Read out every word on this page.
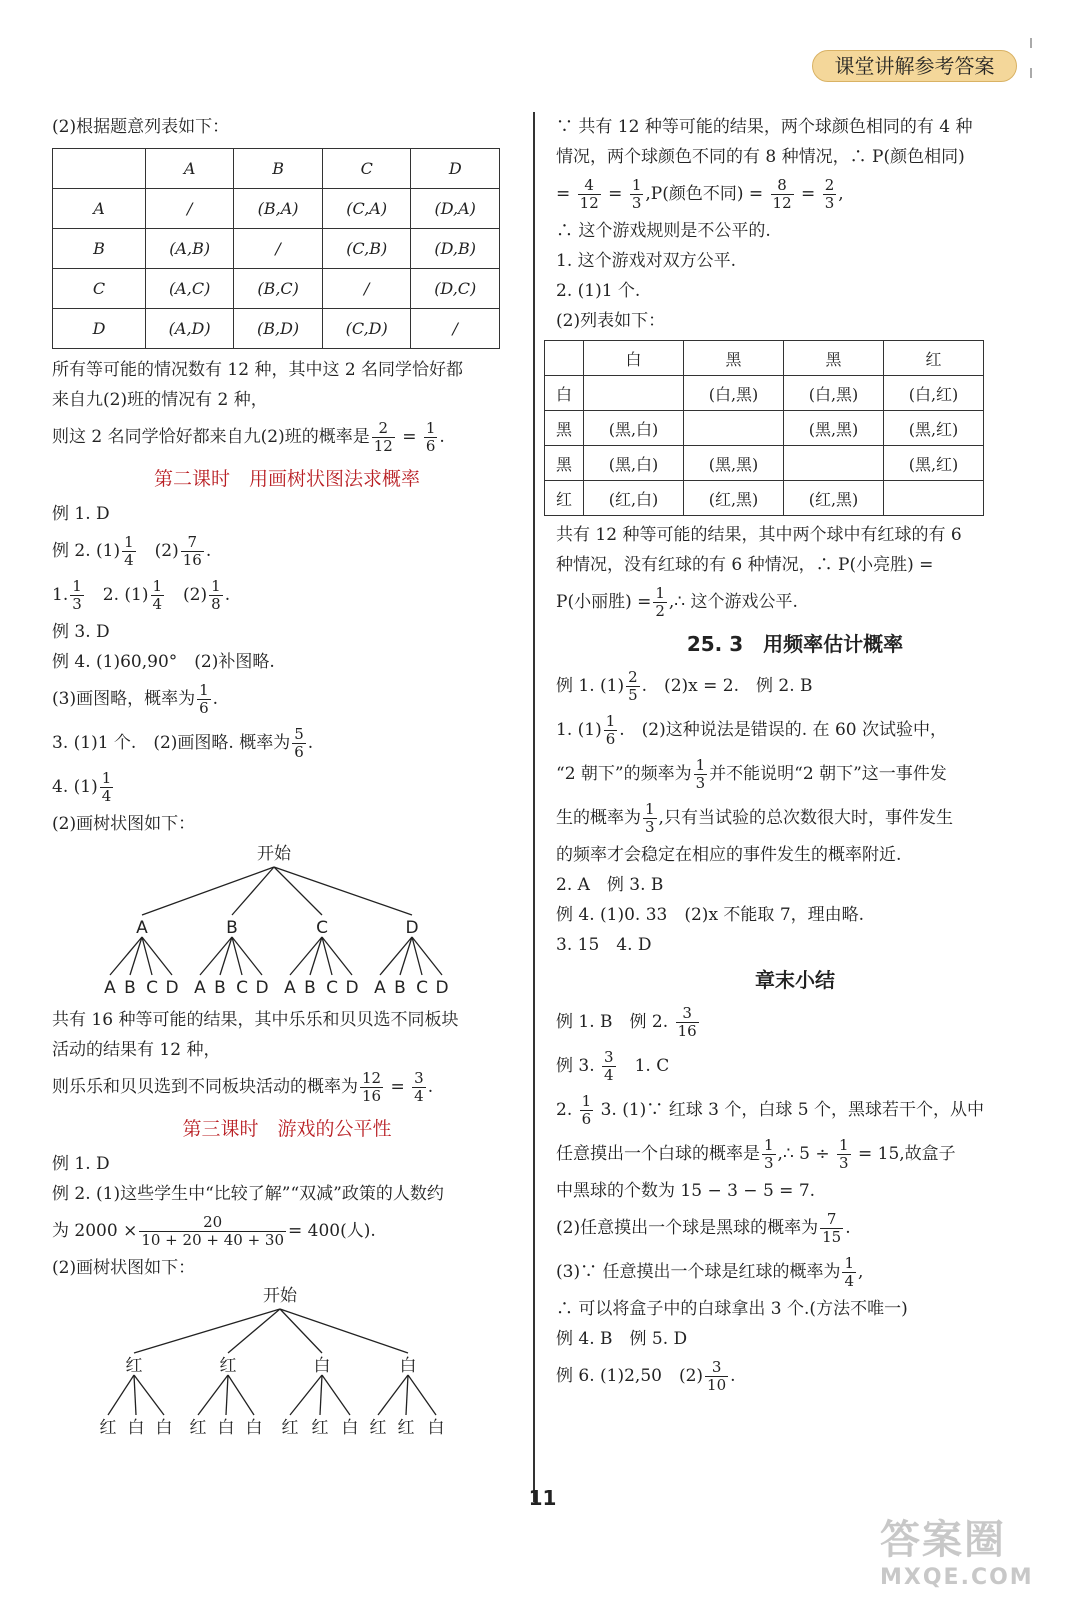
课堂讲解参考答案
(2)根据题意列表如下：
	A	B	C	D
A	/	(B,A)	(C,A)	(D,A)
B	(A,B)	/	(C,B)	(D,B)
C	(A,C)	(B,C)	/	(D,C)
D	(A,D)	(B,D)	(C,D)	/
所有等可能的情况数有 12 种，其中这 2 名同学恰好都
来自九(2)班的情况有 2 种，
则这 2 名同学恰好都来自九(2)班的概率是 $\frac{2}{12} = \frac{1}{6}$ .
第二课时　用画树状图法求概率
例 1. D
例 2. $(1) \frac{1}{4}$
　 $(2) \frac{7}{16}$ .
1. $\frac{1}{3}$
　 2. $(1) \frac{1}{4}$
　 $(2) \frac{1}{8}$ .
例 3. D
例 4. (1)60,90°　(2)补图略.
(3)画图略，概率为 $\frac{1}{6}$ .
3. (1)1 个.　(2)画图略. 概率为 $\frac{5}{6}$ .
4. $(1) \frac{1}{4}$
(2)画树状图如下：
开始
A	B	C	D
A B C D A B C D A B C D A B C D
共有 16 种等可能的结果，其中乐乐和贝贝选不同板块
活动的结果有 12 种，
则乐乐和贝贝选到不同板块活动的概率为 $\frac{12}{16} = \frac{3}{4}$ .
第三课时　游戏的公平性
例 1. D
例 2. (1)这些学生中“比较了解”“双减”政策的人数约
为 $2000 \times \frac{20}{10 + 20 + 40 + 30} = 400$(人).
(2)画树状图如下：
开始
红	红	白	白
红 白 白 红 白 白 红 红 白 红 红 白
∵ 共有 12 种等可能的结果，两个球颜色相同的有 4 种
情况，两个球颜色不同的有 8 种情况，∴ P(颜色相同)
= $\frac{4}{12} = \frac{1}{3} ,P$(颜色不同) = $\frac{8}{12} = \frac{2}{3}$ ,
∴ 这个游戏规则是不公平的.
1. 这个游戏对双方公平.
2. (1)1 个.
(2)列表如下：
	白	黑	黑	红
白		(白,黑)	(白,黑)	(白,红)
黑	(黑,白)		(黑,黑)	(黑,红)
黑	(黑,白)	(黑,黑)		(黑,红)
红	(红,白)	(红,黑)	(红,黑)	
共有 12 种等可能的结果，其中两个球中有红球的有 6
种情况，没有红球的有 6 种情况，∴ P(小亮胜) =
P(小丽胜) = $\frac{1}{2}$ ,∴ 这个游戏公平.
25. 3　用频率估计概率
例 1. $(1) \frac{2}{5}$ .　(2)x = 2.　例 2. B
1. $(1) \frac{1}{6}$ .　(2)这种说法是错误的. 在 60 次试验中，
“2 朝下”的频率为 $\frac{1}{3}$ 并不能说明“2 朝下”这一事件发
生的概率为 $\frac{1}{3}$ ,只有当试验的总次数很大时，事件发生
的频率才会稳定在相应的事件发生的概率附近.
2. A　例 3. B
例 4. (1)0. 33　(2)x 不能取 7，理由略.
3. 15　4. D
章末小结
例 1. B　例 2. $\frac{3}{16}$
例 3. $\frac{3}{4}$
　 1. C
2. $\frac{1}{6} 3$. (1)∵ 红球 3 个，白球 5 个，黑球若干个，从中
任意摸出一个白球的概率是 $\frac{1}{3}$ ,∴ $5 \div \frac{1}{3} = 15$,故盒子
中黑球的个数为 15 − 3 − 5 = 7.
(2)任意摸出一个球是黑球的概率为 $\frac{7}{15}$ .
(3)∵ 任意摸出一个球是红球的概率为 $\frac{1}{4}$ ,
∴ 可以将盒子中的白球拿出 3 个.(方法不唯一)
例 4. B　例 5. D
例 6. (1)2,50　$(2) \frac{3}{10}$ .
11
答案圈
MXQE.COM
